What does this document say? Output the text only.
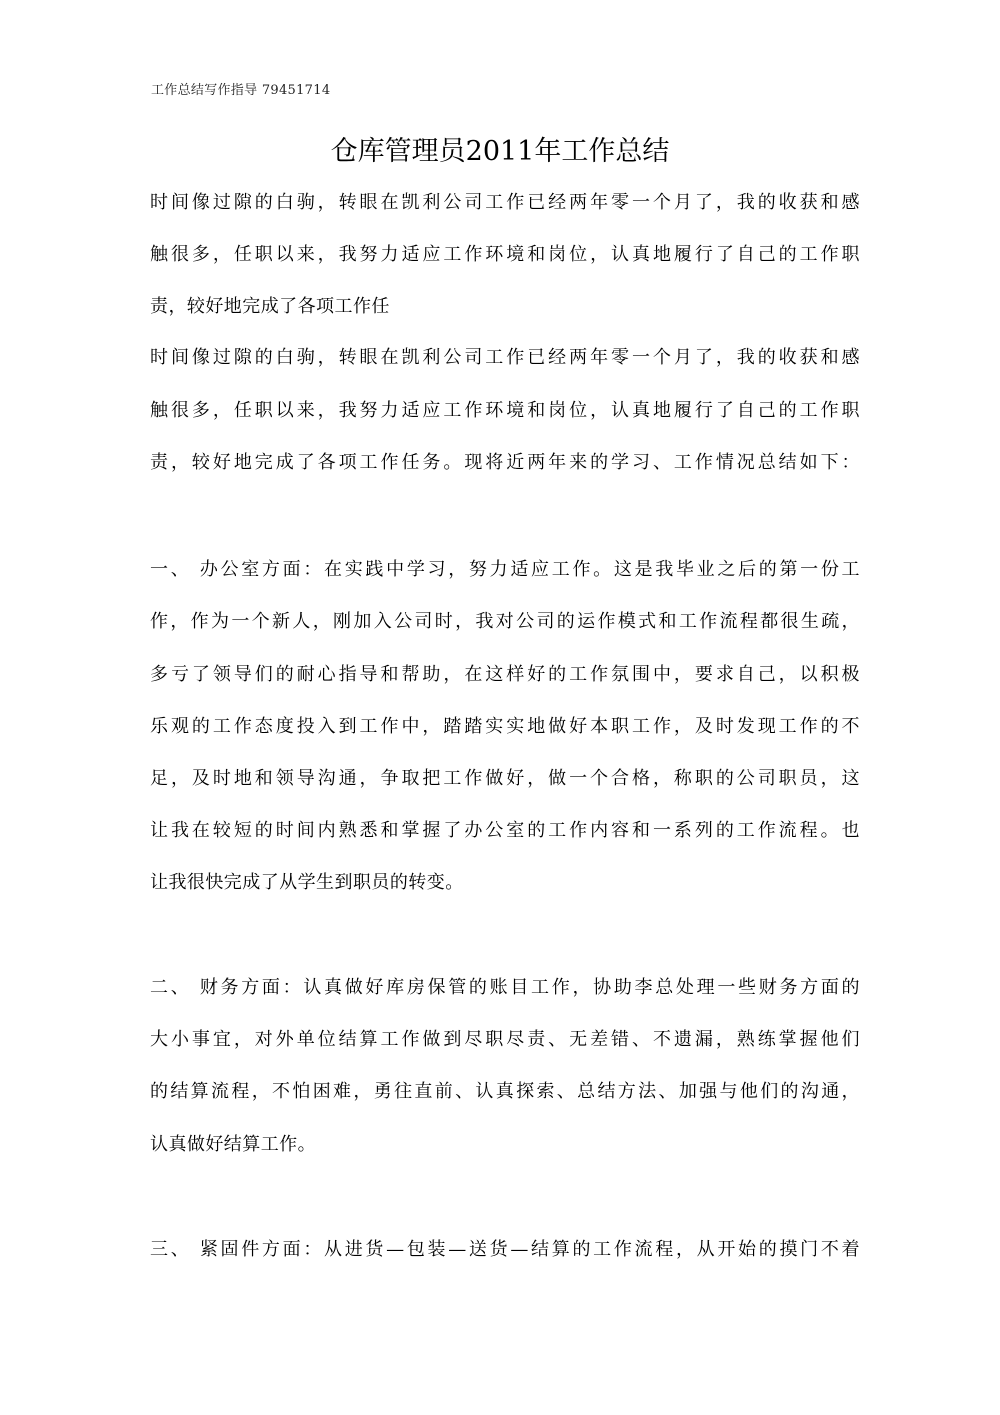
工作总结写作指导 79451714
仓库管理员2011年工作总结
时间像过隙的白驹，转眼在凯利公司工作已经两年零一个月了，我的收获和感
触很多，任职以来，我努力适应工作环境和岗位，认真地履行了自己的工作职
责，较好地完成了各项工作任
时间像过隙的白驹，转眼在凯利公司工作已经两年零一个月了，我的收获和感
触很多，任职以来，我努力适应工作环境和岗位，认真地履行了自己的工作职
责，较好地完成了各项工作任务。现将近两年来的学习、工作情况总结如下：
一、 办公室方面：在实践中学习，努力适应工作。这是我毕业之后的第一份工
作，作为一个新人，刚加入公司时，我对公司的运作模式和工作流程都很生疏，
多亏了领导们的耐心指导和帮助，在这样好的工作氛围中，要求自己，以积极
乐观的工作态度投入到工作中，踏踏实实地做好本职工作，及时发现工作的不
足，及时地和领导沟通，争取把工作做好，做一个合格，称职的公司职员，这
让我在较短的时间内熟悉和掌握了办公室的工作内容和一系列的工作流程。也
让我很快完成了从学生到职员的转变。
二、 财务方面：认真做好库房保管的账目工作，协助李总处理一些财务方面的
大小事宜，对外单位结算工作做到尽职尽责、无差错、不遗漏，熟练掌握他们
的结算流程，不怕困难，勇往直前、认真探索、总结方法、加强与他们的沟通，
认真做好结算工作。
三、 紧固件方面：从进货—包装—送货—结算的工作流程，从开始的摸门不着
